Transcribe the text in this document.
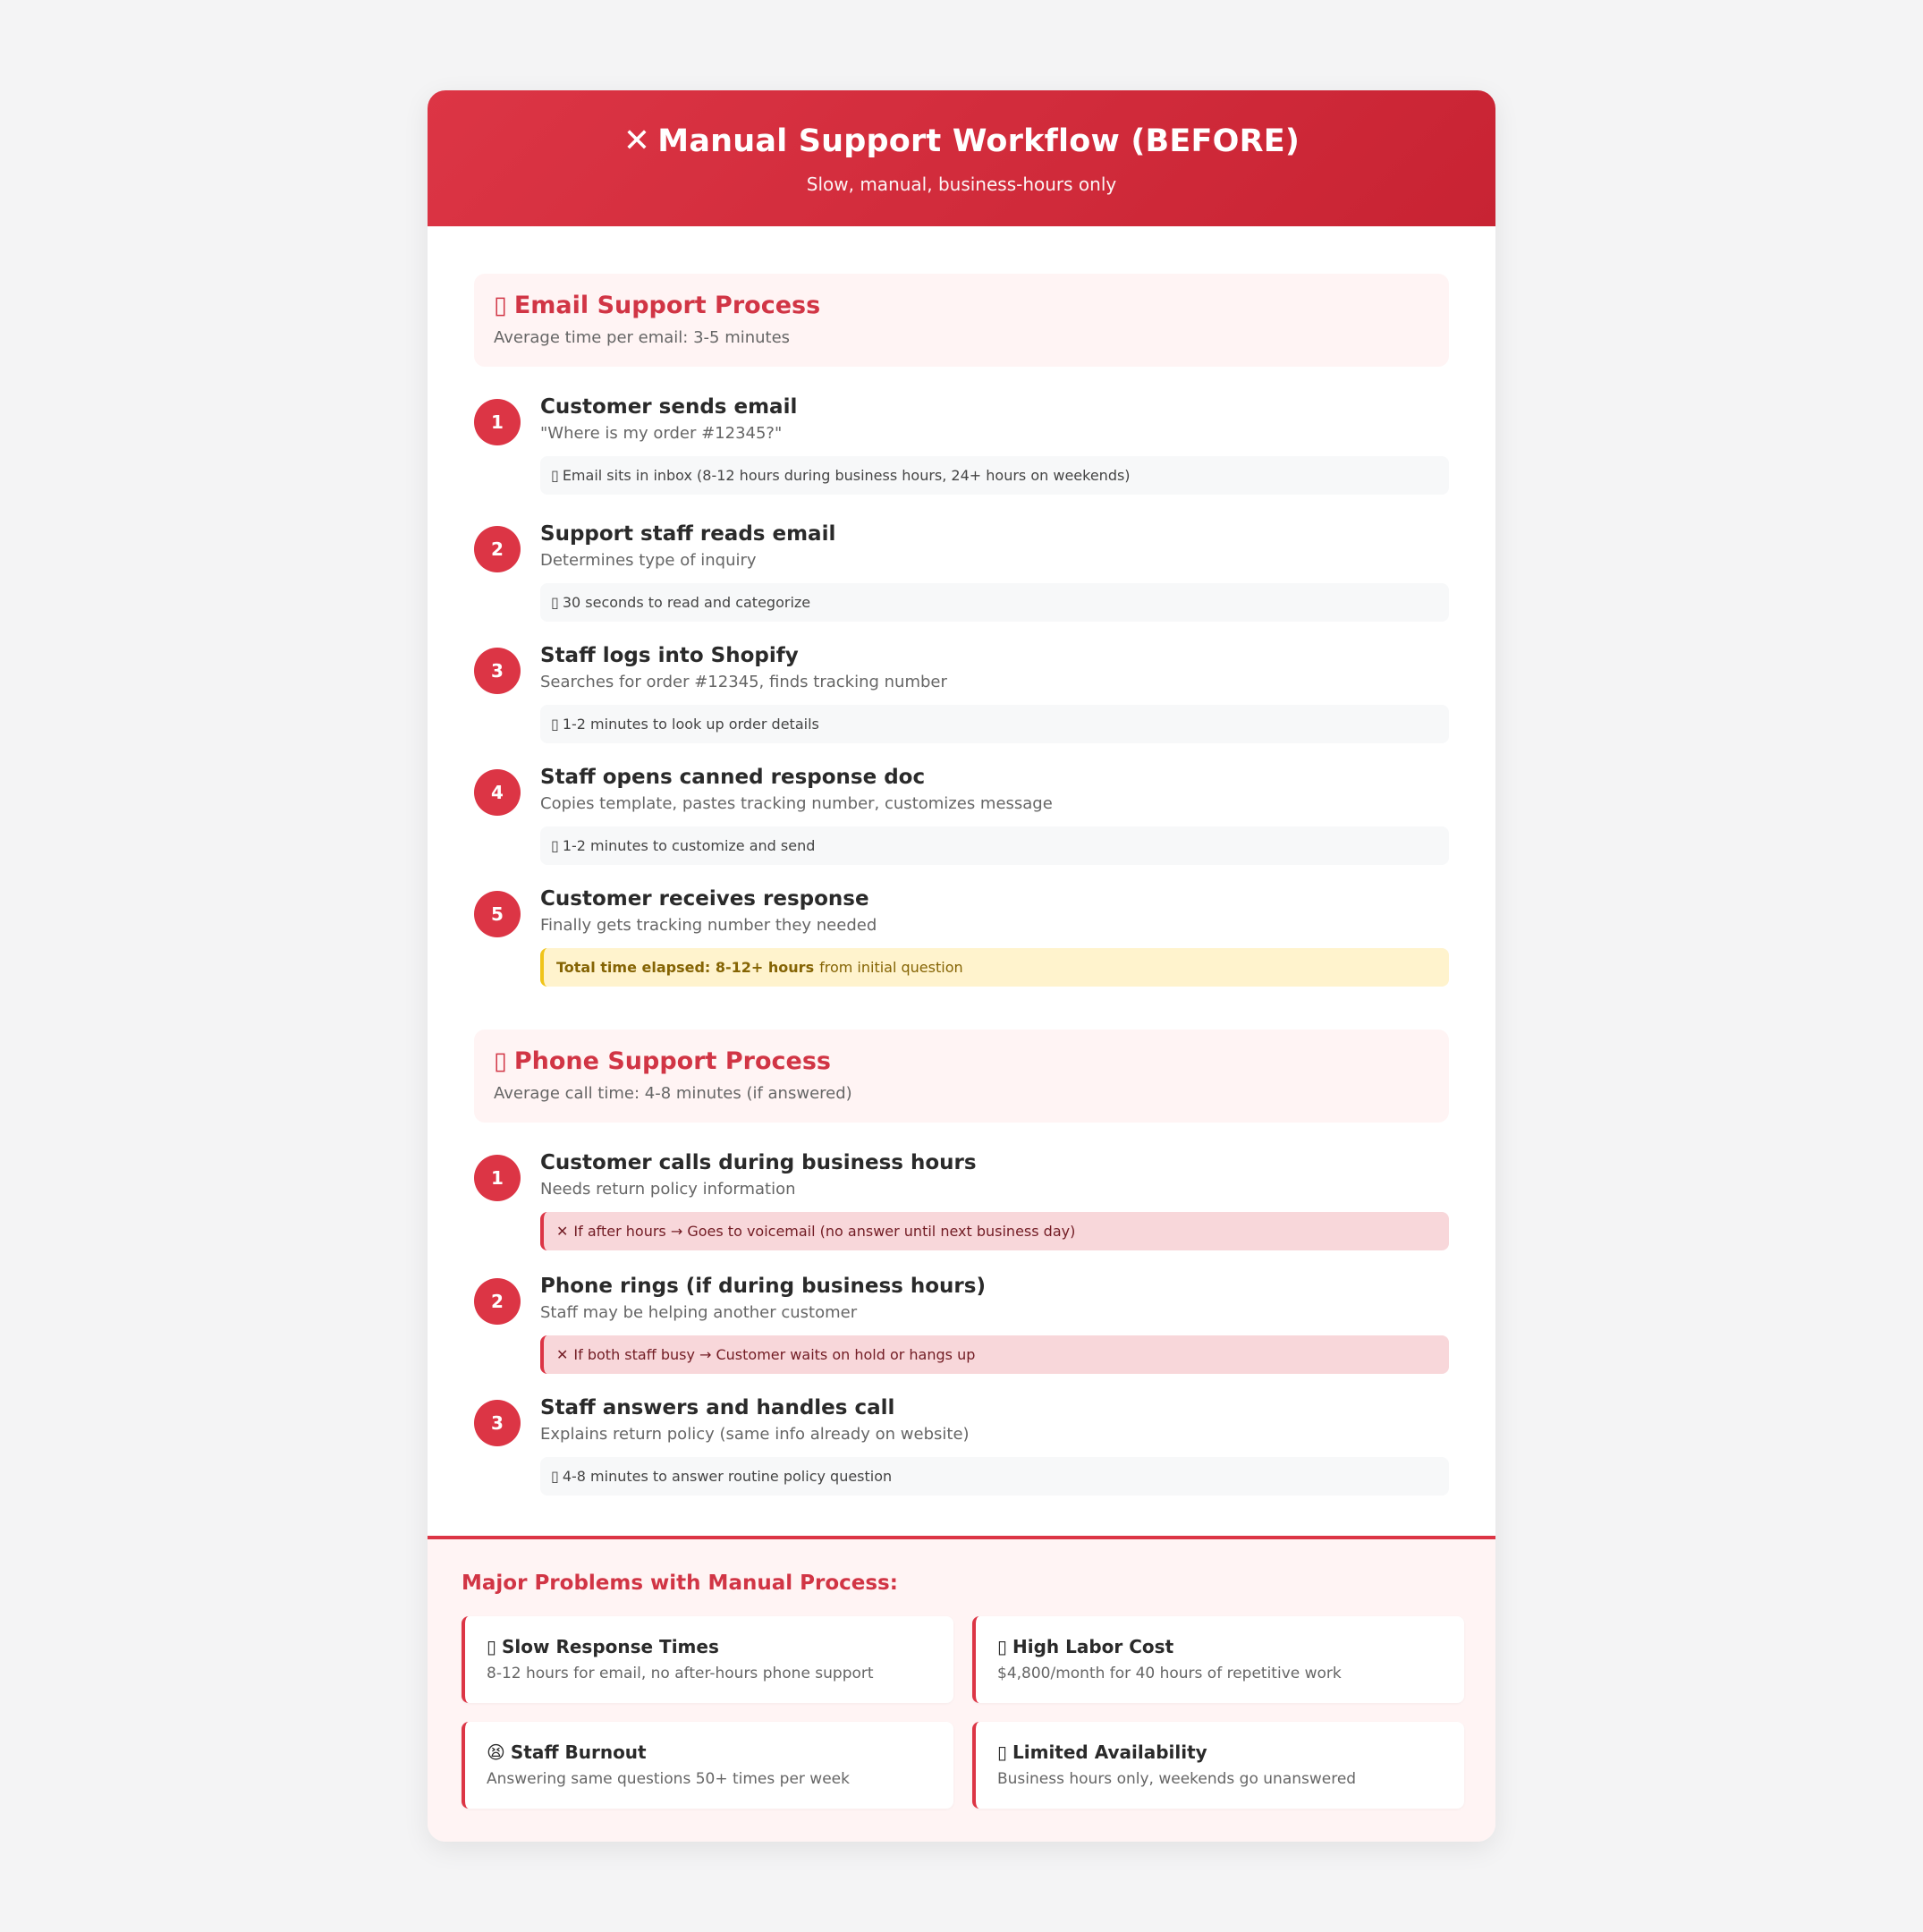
✕ Manual Support Workflow (BEFORE)

Slow, manual, business-hours only

▯ Email Support Process

Average time per email: 3-5 minutes

1
Customer sends email
"Where is my order #12345?"
▯ Email sits in inbox (8-12 hours during business hours, 24+ hours on weekends)
2
Support staff reads email
Determines type of inquiry
▯ 30 seconds to read and categorize
3
Staff logs into Shopify
Searches for order #12345, finds tracking number
▯ 1-2 minutes to look up order details
4
Staff opens canned response doc
Copies template, pastes tracking number, customizes message
▯ 1-2 minutes to customize and send
5
Customer receives response
Finally gets tracking number they needed
Total time elapsed: 8-12+ hours from initial question
▯ Phone Support Process

Average call time: 4-8 minutes (if answered)

1
Customer calls during business hours
Needs return policy information
✕ If after hours → Goes to voicemail (no answer until next business day)
2
Phone rings (if during business hours)
Staff may be helping another customer
✕ If both staff busy → Customer waits on hold or hangs up
3
Staff answers and handles call
Explains return policy (same info already on website)
▯ 4-8 minutes to answer routine policy question
Major Problems with Manual Process:
▯ Slow Response Times

8-12 hours for email, no after-hours phone support

▯ High Labor Cost

$4,800/month for 40 hours of repetitive work

😫 Staff Burnout

Answering same questions 50+ times per week

▯ Limited Availability

Business hours only, weekends go unanswered
